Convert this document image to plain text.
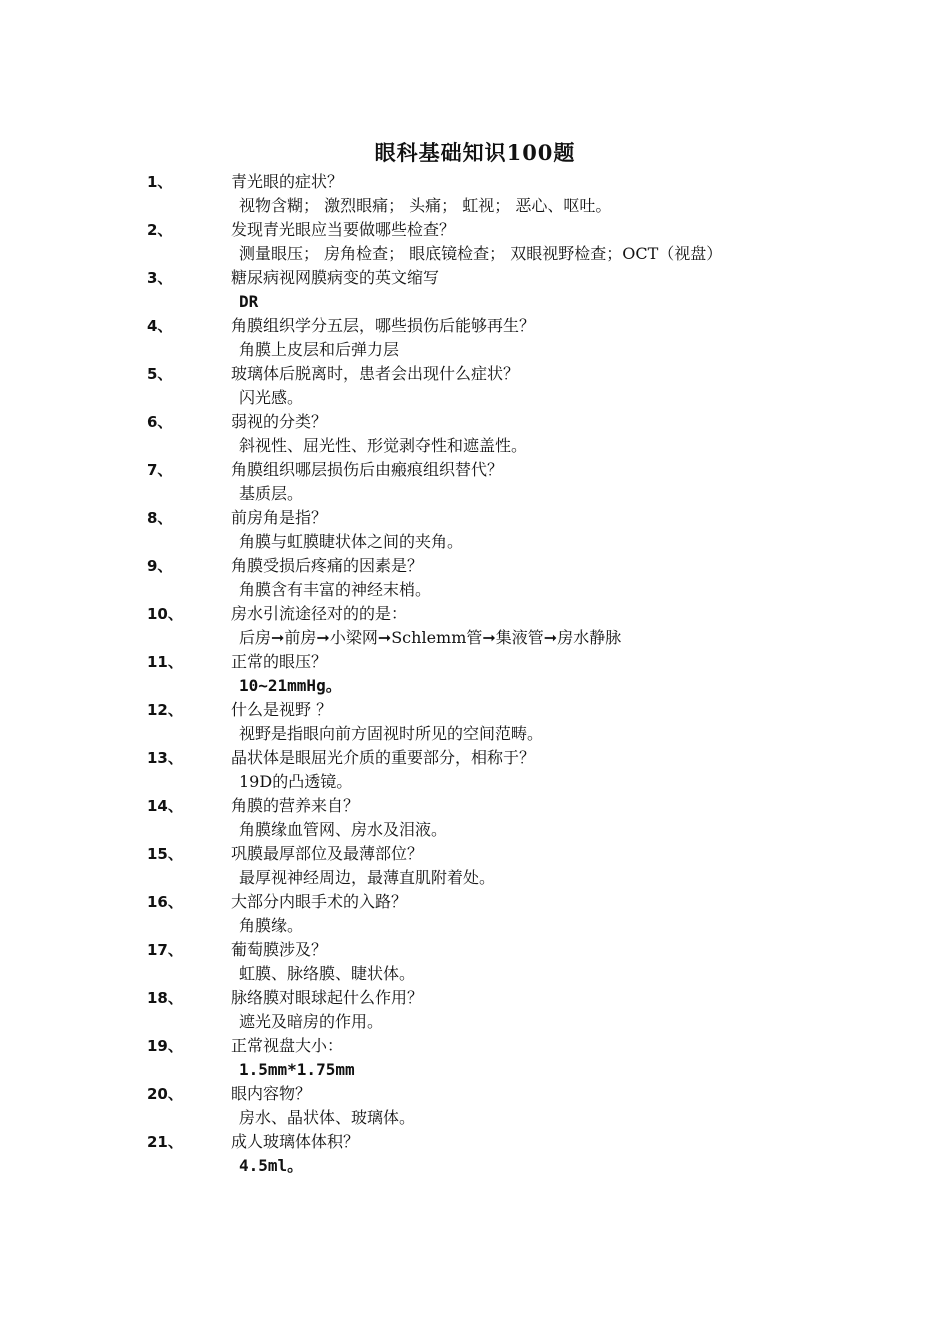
眼科基础知识100题
1、	青光眼的症状？
视物含糊； 激烈眼痛； 头痛； 虹视； 恶心、呕吐。
2、	发现青光眼应当要做哪些检查？
测量眼压； 房角检查； 眼底镜检查； 双眼视野检查；OCT（视盘）
3、	糖尿病视网膜病变的英文缩写
DR
4、	角膜组织学分五层，哪些损伤后能够再生？
角膜上皮层和后弹力层
5、	玻璃体后脱离时，患者会出现什么症状？
闪光感。
6、	弱视的分类？
斜视性、屈光性、形觉剥夺性和遮盖性。
7、	角膜组织哪层损伤后由瘢痕组织替代？
基质层。
8、	前房角是指？
角膜与虹膜睫状体之间的夹角。
9、	角膜受损后疼痛的因素是？
角膜含有丰富的神经末梢。
10、	房水引流途径对的的是：
后房➞前房➞小梁网➞Schlemm管➞集液管➞房水静脉
11、	正常的眼压？
10~21mmHg。
12、	什么是视野 ？
视野是指眼向前方固视时所见的空间范畴。
13、	晶状体是眼屈光介质的重要部分，相称于？
19D的凸透镜。
14、	角膜的营养来自？
角膜缘血管网、房水及泪液。
15、	巩膜最厚部位及最薄部位？
最厚视神经周边，最薄直肌附着处。
16、	大部分内眼手术的入路？
角膜缘。
17、	葡萄膜涉及？
虹膜、脉络膜、睫状体。
18、	脉络膜对眼球起什么作用？
遮光及暗房的作用。
19、	正常视盘大小：
1.5mm*1.75mm
20、	眼内容物？
房水、晶状体、玻璃体。
21、	成人玻璃体体积？
4.5ml。
